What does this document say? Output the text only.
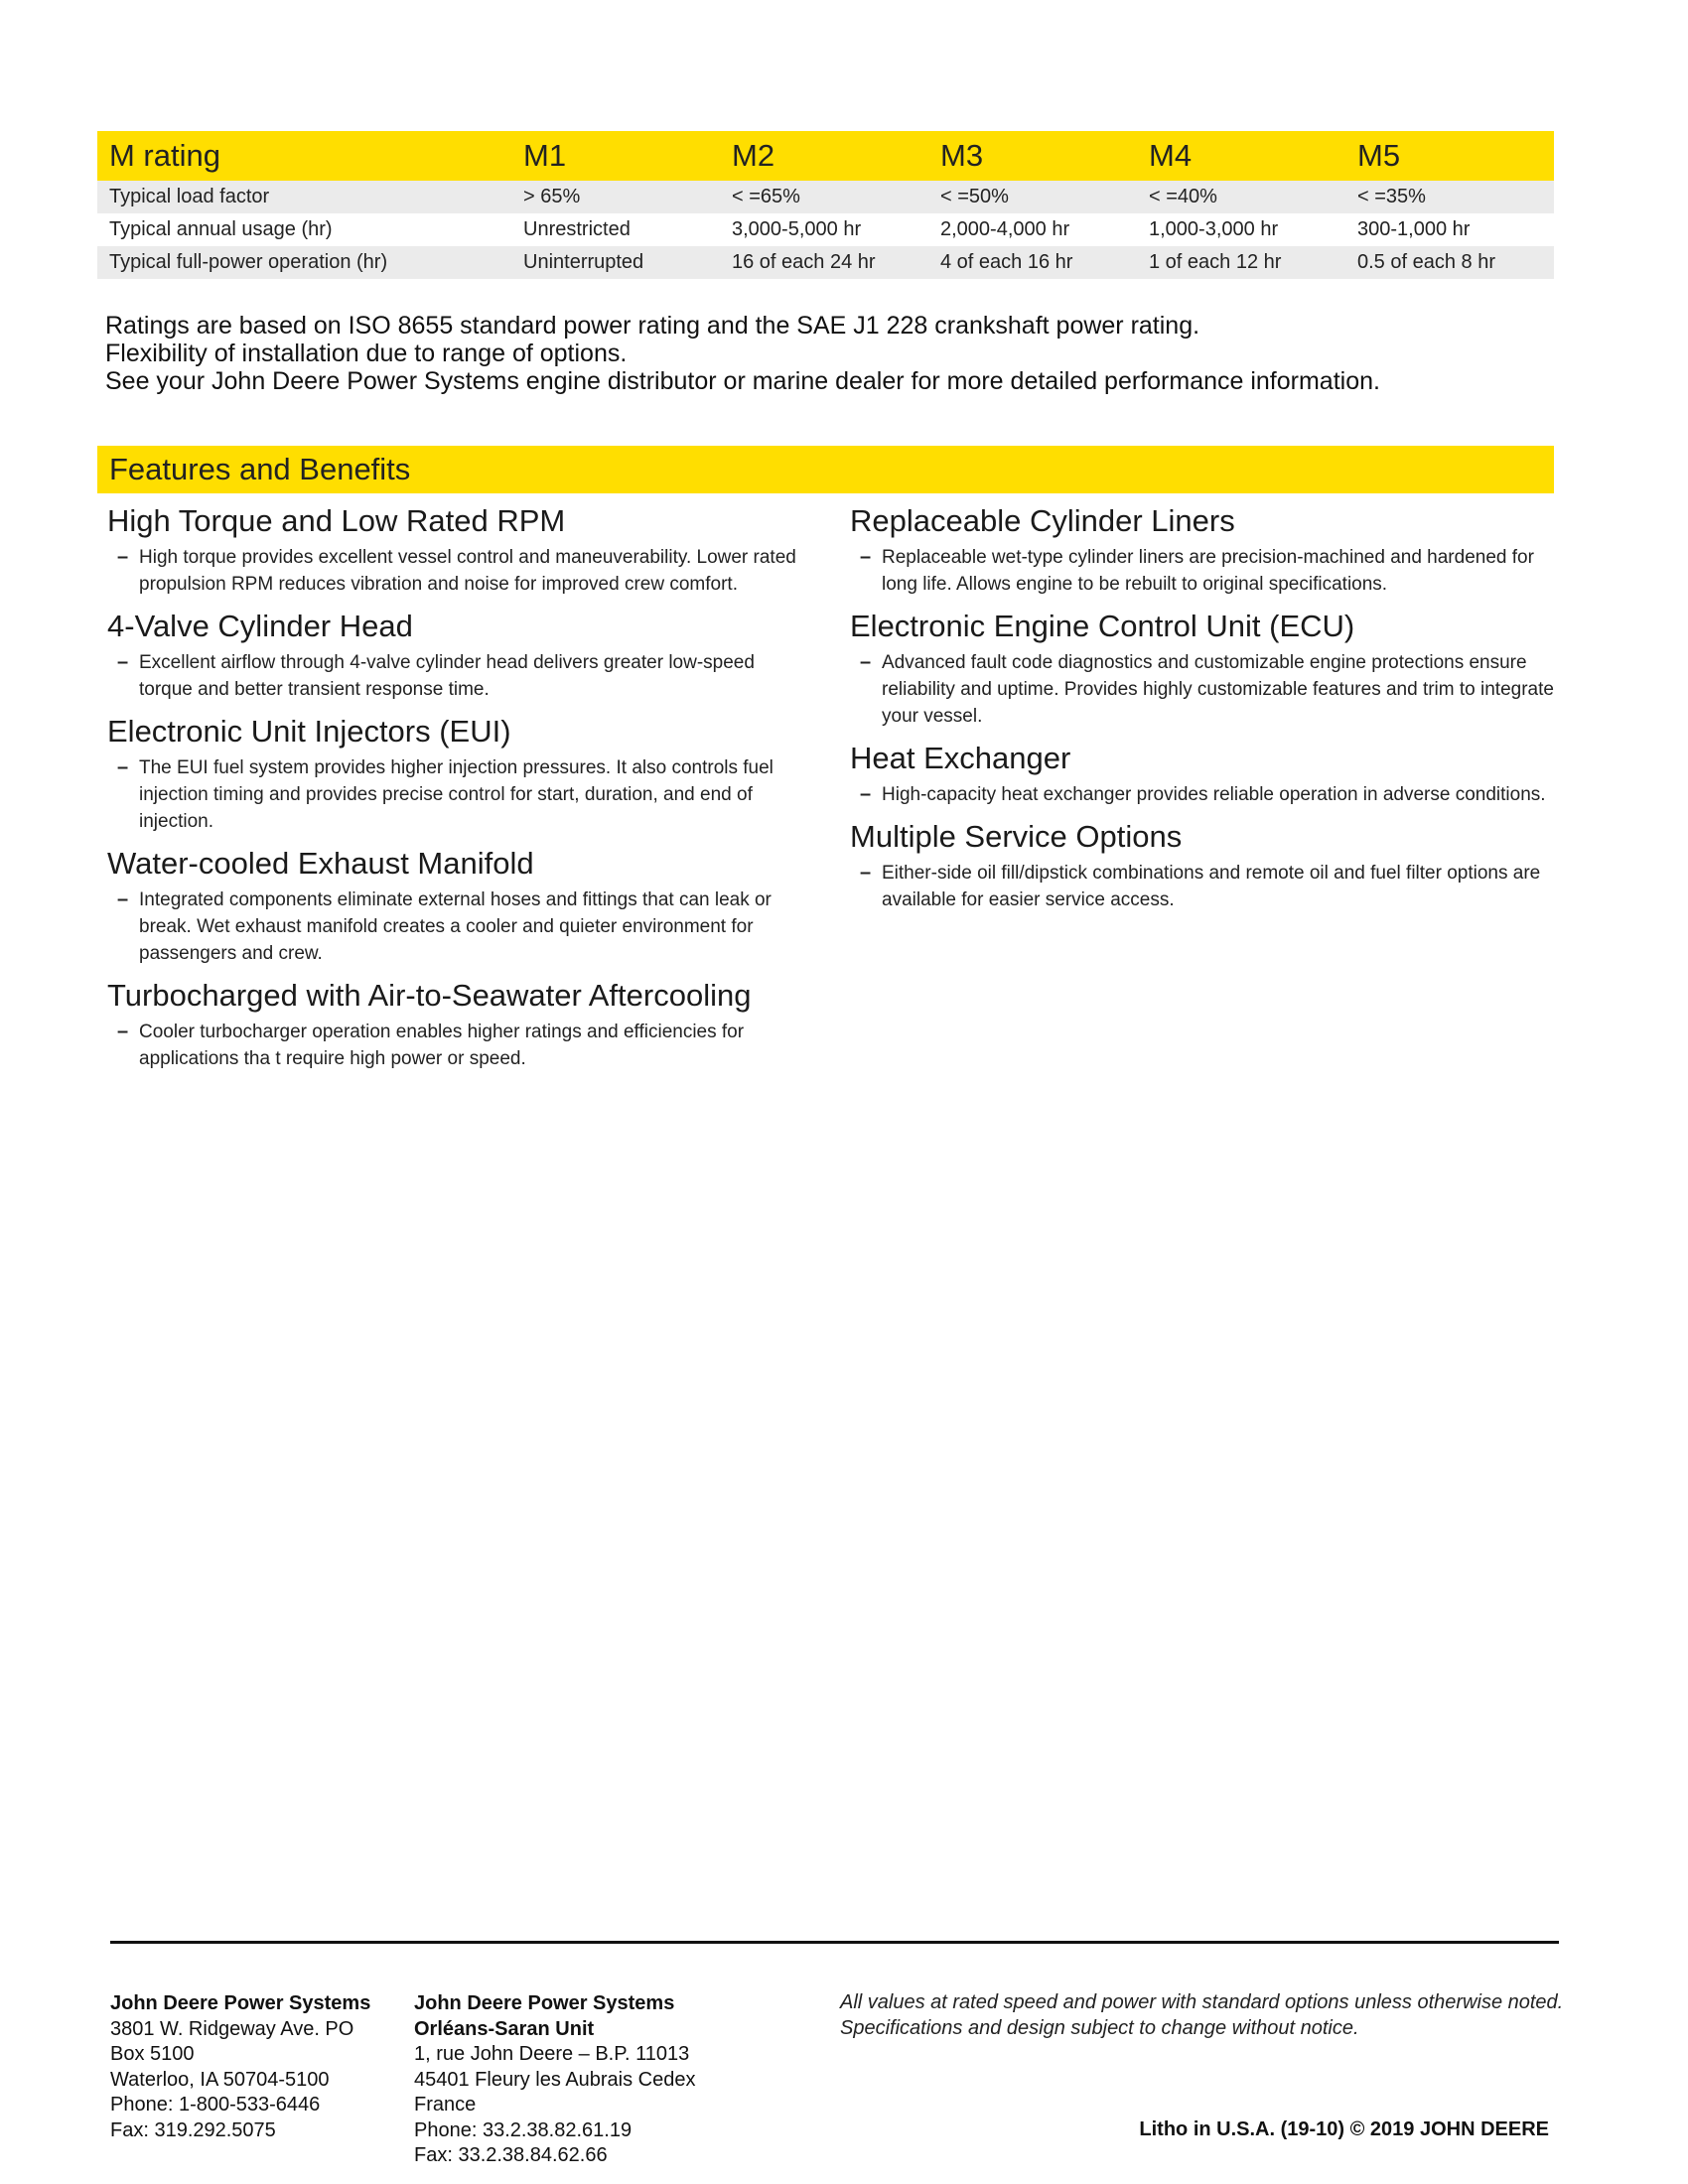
M rating	M1	M2	M3	M4	M5
Typical load factor	> 65%	< =65%	< =50%	< =40%	< =35%
Typical annual usage (hr)	Unrestricted	3,000-5,000 hr	2,000-4,000 hr	1,000-3,000 hr	300-1,000 hr
Typical full-power operation (hr)	Uninterrupted	16 of each 24 hr	4 of each 16 hr	1 of each 12 hr	0.5 of each 8 hr

Ratings are based on ISO 8655 standard power rating and the SAE J1 228 crankshaft power rating.

Flexibility of installation due to range of options.

See your John Deere Power Systems engine distributor or marine dealer for more detailed performance information.

Features and Benefits
High Torque and Low Rated RPM
– High torque provides excellent vessel control and maneuverability. Lower rated propulsion RPM reduces vibration and noise for improved crew comfort.
4-Valve Cylinder Head
– Excellent airflow through 4-valve cylinder head delivers greater low-speed torque and better transient response time.
Electronic Unit Injectors (EUI)
– The EUI fuel system provides higher injection pressures. It also controls fuel injection timing and provides precise control for start, duration, and end of injection.
Water-cooled Exhaust Manifold
– Integrated components eliminate external hoses and fittings that can leak or break. Wet exhaust manifold creates a cooler and quieter environment for passengers and crew.
Turbocharged with Air-to-Seawater Aftercooling
– Cooler turbocharger operation enables higher ratings and efficiencies for applications tha t require high power or speed.
Replaceable Cylinder Liners
– Replaceable wet-type cylinder liners are precision-machined and hardened for long life. Allows engine to be rebuilt to original specifications.
Electronic Engine Control Unit (ECU)
– Advanced fault code diagnostics and customizable engine protections ensure reliability and uptime. Provides highly customizable features and trim to integrate your vessel.
Heat Exchanger
– High-capacity heat exchanger provides reliable operation in adverse conditions.
Multiple Service Options
– Either-side oil fill/dipstick combinations and remote oil and fuel filter options are available for easier service access.

John Deere Power Systems

3801 W. Ridgeway Ave. PO

Box 5100

Waterloo, IA 50704-5100

Phone: 1-800-533-6446

Fax: 319.292.5075

John Deere Power Systems

Orléans-Saran Unit

1, rue John Deere – B.P. 11013

45401 Fleury les Aubrais Cedex

France

Phone: 33.2.38.82.61.19

Fax: 33.2.38.84.62.66

All values at rated speed and power with standard options unless otherwise noted.

Specifications and design subject to change without notice.

Litho in U.S.A. (19-10) © 2019 JOHN DEERE
